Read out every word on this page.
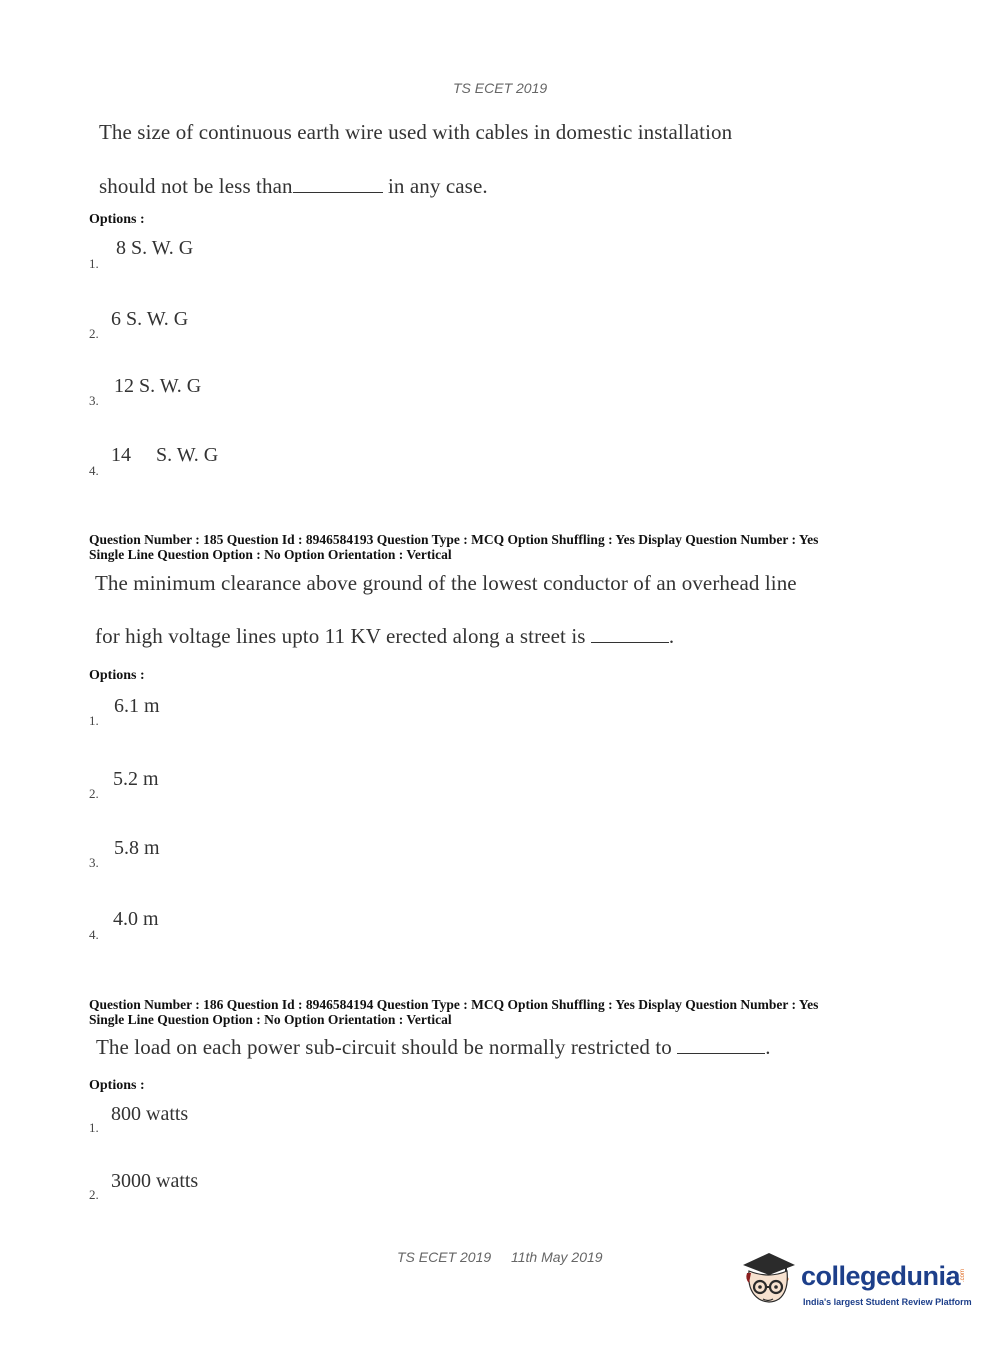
TS ECET 2019
The size of continuous earth wire used with cables in domestic installation
should not be less than	in any case.
Options :
1.
8 S. W. G
2.
6 S. W. G
3.
12 S. W. G
4.
14     S. W. G
Question Number : 185 Question Id : 8946584193 Question Type : MCQ Option Shuffling : Yes Display Question Number : Yes
Single Line Question Option : No Option Orientation : Vertical
The minimum clearance above ground of the lowest conductor of an overhead line
for high voltage lines upto 11 KV erected along a street is	.
Options :
1.
6.1 m
2.
5.2 m
3.
5.8 m
4.
4.0 m
Question Number : 186 Question Id : 8946584194 Question Type : MCQ Option Shuffling : Yes Display Question Number : Yes
Single Line Question Option : No Option Orientation : Vertical
The load on each power sub-circuit should be normally restricted to	.
Options :
1.
800 watts
2.
3000 watts
TS ECET 2019 11th May 2019
collegedunia .com
India's largest Student Review Platform
